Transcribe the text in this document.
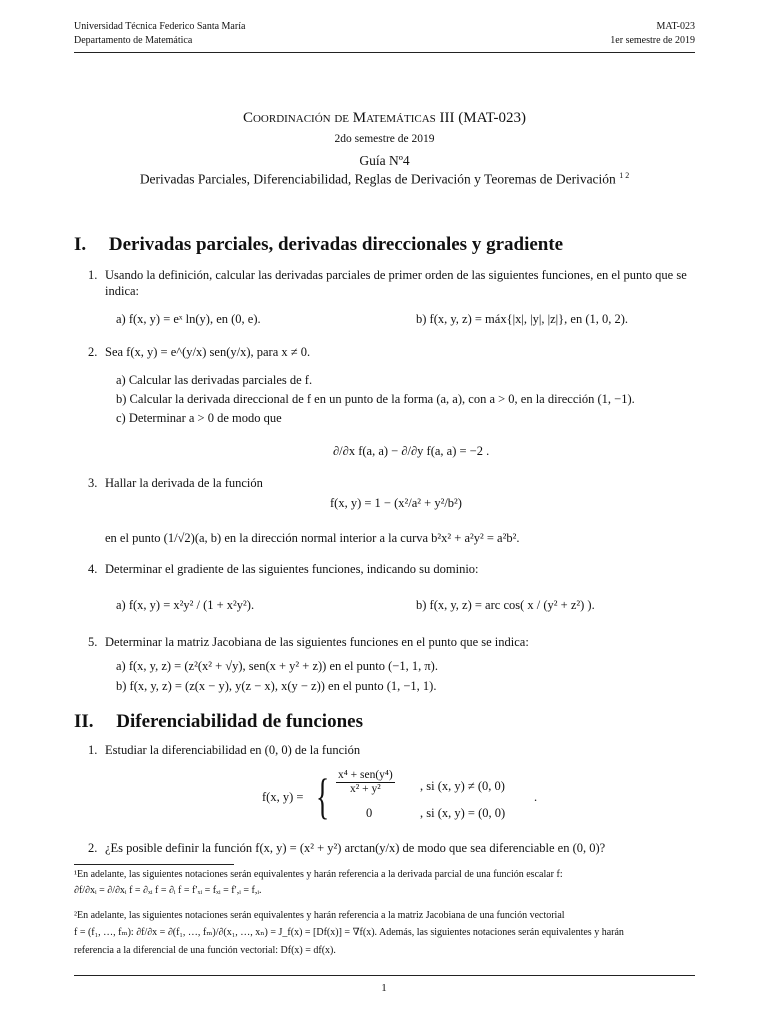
Universidad Técnica Federico Santa María
Departamento de Matemática
MAT-023
1er semestre de 2019
Coordinación de Matemáticas III (MAT-023)
2do semestre de 2019
Guía Nº4
Derivadas Parciales, Diferenciabilidad, Reglas de Derivación y Teoremas de Derivación $^{1 2}$
I. Derivadas parciales, derivadas direccionales y gradiente
1. Usando la definición, calcular las derivadas parciales de primer orden de las siguientes funciones, en el punto que se indica:
a) f(x, y) = eˣ ln(y), en (0, e).	b) f(x, y, z) = máx{|x|, |y|, |z|}, en (1, 0, 2).
2. Sea f(x, y) = e^(y/x) sen(y/x), para x ≠ 0.
a) Calcular las derivadas parciales de f.
b) Calcular la derivada direccional de f en un punto de la forma (a, a), con a > 0, en la dirección (1, −1).
c) Determinar a > 0 de modo que
∂/∂x f(a, a) − ∂/∂y f(a, a) = −2 .
3. Hallar la derivada de la función
f(x, y) = 1 − (x²/a² + y²/b²)
en el punto (1/√2)(a, b) en la dirección normal interior a la curva b²x² + a²y² = a²b².
4. Determinar el gradiente de las siguientes funciones, indicando su dominio:
a) f(x, y) = x²y² / (1 + x²y²).	b) f(x, y, z) = arc cos( x / (y² + z²) ).
5. Determinar la matriz Jacobiana de las siguientes funciones en el punto que se indica:
a) f(x, y, z) = (z²(x² + √y), sen(x + y² + z)) en el punto (−1, 1, π).
b) f(x, y, z) = (z(x − y), y(z − x), x(y − z)) en el punto (1, −1, 1).
II. Diferenciabilidad de funciones
1. Estudiar la diferenciabilidad en (0, 0) de la función
f(x, y) = { $\frac{\text{x⁴ + sen(y⁴)}}{\text{x² + y²}}$ , si (x, y) ≠ (0, 0)
0	, si (x, y) = (0, 0)
.
2. ¿Es posible definir la función f(x, y) = (x² + y²) arctan(y/x) de modo que sea diferenciable en (0, 0)?
¹En adelante, las siguientes notaciones serán equivalentes y harán referencia a la derivada parcial de una función escalar f:
∂f/∂xᵢ = ∂/∂xᵢ f = ∂ₓᵢ f = ∂ᵢ f = f′ₓᵢ = fₓᵢ = f′,ᵢ = f,ᵢ.
²En adelante, las siguientes notaciones serán equivalentes y harán referencia a la matriz Jacobiana de una función vectorial
f = (f₁, …, fₘ): ∂f/∂x = ∂(f₁, …, fₘ)/∂(x₁, …, xₙ) = J_f(x) = [Df(x)] = ∇f(x). Además, las siguientes notaciones serán equivalentes y harán
referencia a la diferencial de una función vectorial: Df(x) = df(x).
1
